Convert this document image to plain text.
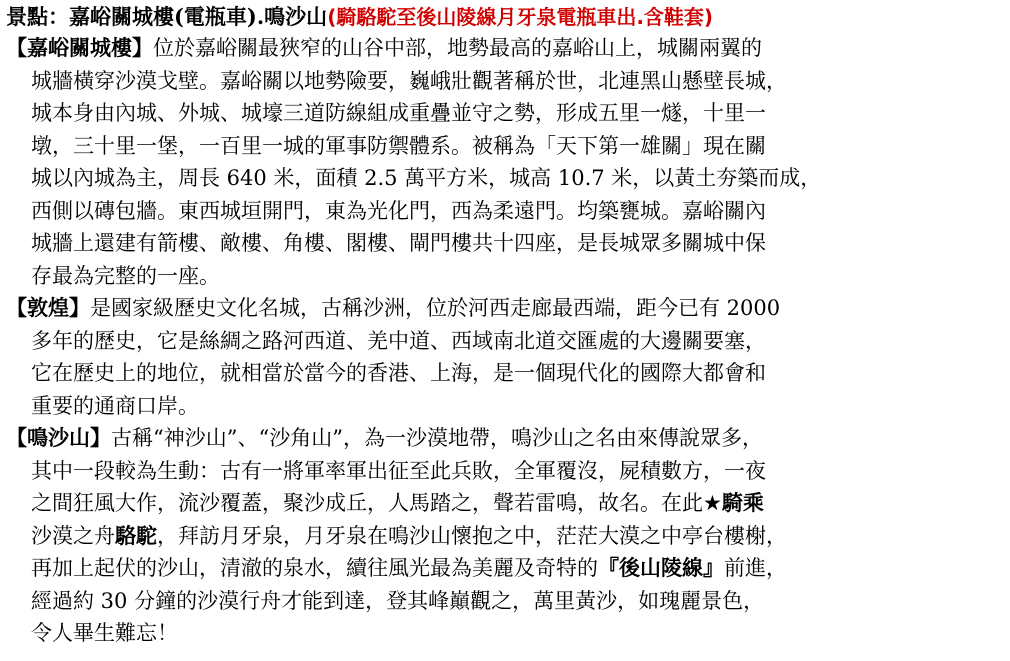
景點：嘉峪關城樓(電瓶車).鳴沙山(騎駱駝至後山陵線月牙泉電瓶車出.含鞋套)
【嘉峪關城樓】位於嘉峪關最狹窄的山谷中部，地勢最高的嘉峪山上，城關兩翼的
城牆橫穿沙漠戈壁。嘉峪關以地勢險要，巍峨壯觀著稱於世，北連黑山懸壁長城，
城本身由內城、外城、城壕三道防線組成重疊並守之勢，形成五里一燧，十里一
墩，三十里一堡，一百里一城的軍事防禦體系。被稱為「天下第一雄關」現在關
城以內城為主，周長 640 米，面積 2.5 萬平方米，城高 10.7 米，以黃土夯築而成，
西側以磚包牆。東西城垣開門，東為光化門，西為柔遠門。均築甕城。嘉峪關內
城牆上還建有箭樓、敵樓、角樓、閣樓、閘門樓共十四座，是長城眾多關城中保
存最為完整的一座。
【敦煌】是國家級歷史文化名城，古稱沙洲，位於河西走廊最西端，距今已有 2000
多年的歷史，它是絲綢之路河西道、羌中道、西域南北道交匯處的大邊關要塞，
它在歷史上的地位，就相當於當今的香港、上海，是一個現代化的國際大都會和
重要的通商口岸。
【鳴沙山】古稱“神沙山”、“沙角山”，為一沙漠地帶，鳴沙山之名由來傳說眾多，
其中一段較為生動：古有一將軍率軍出征至此兵敗，全軍覆沒，屍積數方，一夜
之間狂風大作，流沙覆蓋，聚沙成丘，人馬踏之，聲若雷鳴，故名。在此★騎乘
沙漠之舟駱駝，拜訪月牙泉，月牙泉在鳴沙山懷抱之中，茫茫大漠之中亭台樓榭，
再加上起伏的沙山，清澈的泉水，續往風光最為美麗及奇特的『後山陵線』前進，
經過約 30 分鐘的沙漠行舟才能到達，登其峰巔觀之，萬里黃沙，如瑰麗景色，
令人畢生難忘！
